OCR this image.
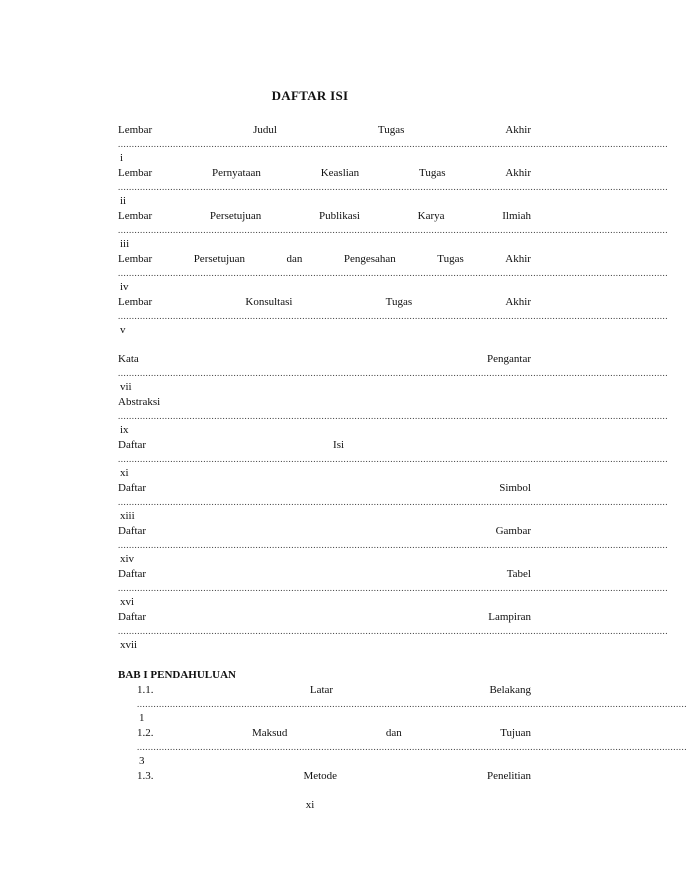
DAFTAR ISI
Lembar	Judul	Tugas	Akhir
........................................................................................................................................................................................................
i
Lembar	Pernyataan	Keaslian	Tugas	Akhir
........................................................................................................................................................................................................
ii
Lembar	Persetujuan	Publikasi	Karya	Ilmiah
........................................................................................................................................................................................................
iii
Lembar	Persetujuan	dan	Pengesahan	Tugas	Akhir
........................................................................................................................................................................................................
iv
Lembar	Konsultasi	Tugas	Akhir
........................................................................................................................................................................................................
v
Kata	Pengantar
........................................................................................................................................................................................................
vii
Abstraksi
........................................................................................................................................................................................................
ix
Daftar	Isi
........................................................................................................................................................................................................
xi
Daftar	Simbol
........................................................................................................................................................................................................
xiii
Daftar	Gambar
........................................................................................................................................................................................................
xiv
Daftar	Tabel
........................................................................................................................................................................................................
xvi
Daftar	Lampiran
........................................................................................................................................................................................................
xvii
BAB I PENDAHULUAN
1.1.	Latar	Belakang
........................................................................................................................................................................................................
1
1.2.	Maksud	dan	Tujuan
........................................................................................................................................................................................................
3
1.3.	Metode	Penelitian
xi
